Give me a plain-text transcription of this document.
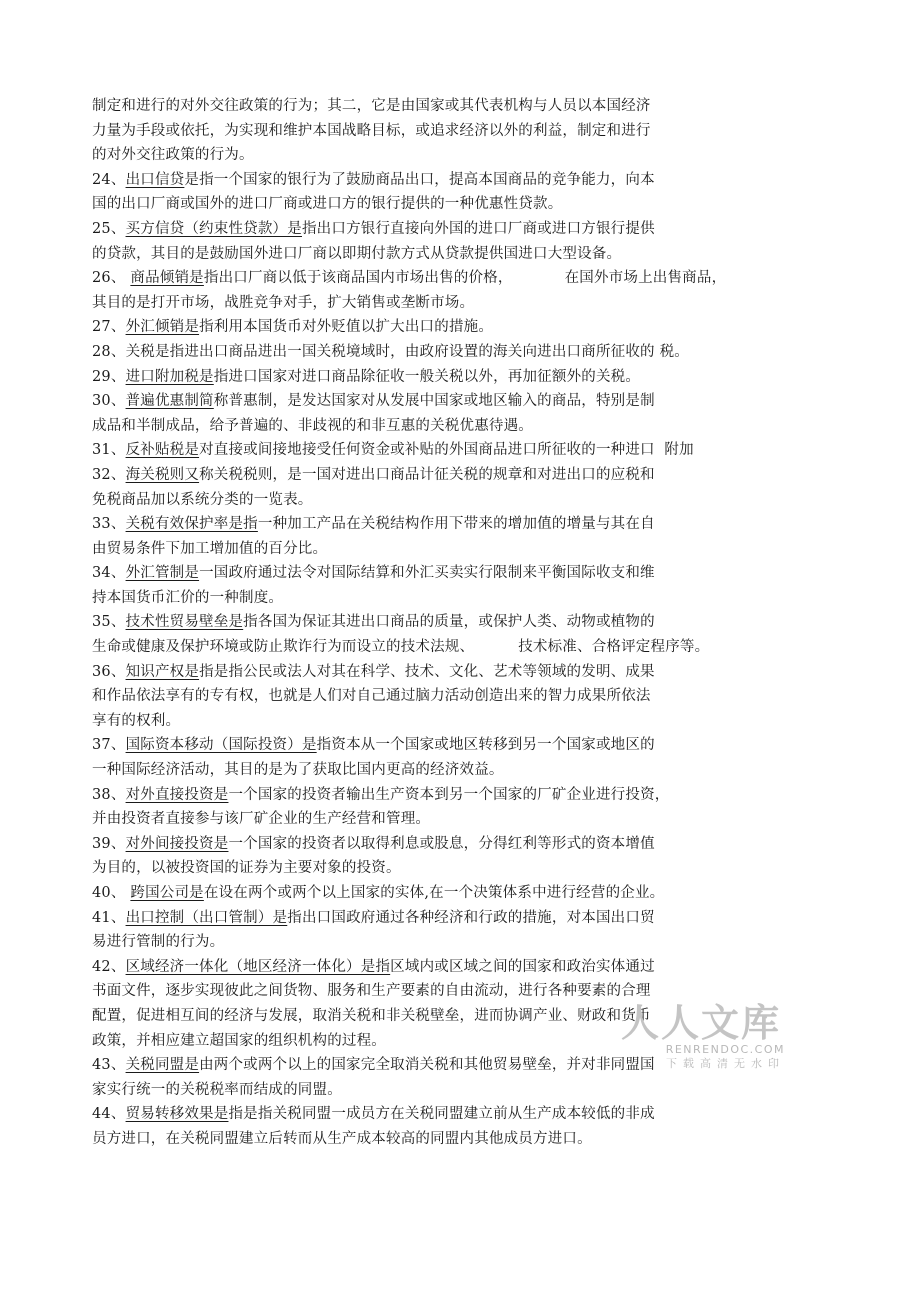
制定和进行的对外交往政策的行为；其二，它是由国家或其代表机构与人员以本国经济
力量为手段或依托，为实现和维护本国战略目标，或追求经济以外的利益，制定和进行
的对外交往政策的行为。
24、出口信贷是指一个国家的银行为了鼓励商品出口，提高本国商品的竞争能力，向本
国的出口厂商或国外的进口厂商或进口方的银行提供的一种优惠性贷款。
25、买方信贷（约束性贷款）是指出口方银行直接向外国的进口厂商或进口方银行提供
的贷款，其目的是鼓励国外进口厂商以即期付款方式从贷款提供国进口大型设备。
26、 商品倾销是指出口厂商以低于该商品国内市场出售的价格，	在国外市场上出售商品，
其目的是打开市场，战胜竞争对手，扩大销售或垄断市场。
27、外汇倾销是指利用本国货币对外贬值以扩大出口的措施。
28、关税是指进出口商品进出一国关税境域时，由政府设置的海关向进出口商所征收的 税。
29、进口附加税是指进口国家对进口商品除征收一般关税以外，再加征额外的关税。
30、普遍优惠制简称普惠制，是发达国家对从发展中国家或地区输入的商品，特别是制
成品和半制成品，给予普遍的、非歧视的和非互惠的关税优惠待遇。
31、反补贴税是对直接或间接地接受任何资金或补贴的外国商品进口所征收的一种进口  附加
32、海关税则又称关税税则，是一国对进出口商品计征关税的规章和对进出口的应税和
免税商品加以系统分类的一览表。
33、关税有效保护率是指一种加工产品在关税结构作用下带来的增加值的增量与其在自
由贸易条件下加工增加值的百分比。
34、外汇管制是一国政府通过法令对国际结算和外汇买卖实行限制来平衡国际收支和维
持本国货币汇价的一种制度。
35、技术性贸易壁垒是指各国为保证其进出口商品的质量，或保护人类、动物或植物的
生命或健康及保护环境或防止欺诈行为而设立的技术法规、	技术标准、合格评定程序等。
36、知识产权是指是指公民或法人对其在科学、技术、文化、艺术等领域的发明、成果
和作品依法享有的专有权，也就是人们对自己通过脑力活动创造出来的智力成果所依法
享有的权利。
37、国际资本移动（国际投资）是指资本从一个国家或地区转移到另一个国家或地区的
一种国际经济活动，其目的是为了获取比国内更高的经济效益。
38、对外直接投资是一个国家的投资者输出生产资本到另一个国家的厂矿企业进行投资，
并由投资者直接参与该厂矿企业的生产经营和管理。
39、对外间接投资是一个国家的投资者以取得利息或股息，分得红利等形式的资本增值
为目的，以被投资国的证券为主要对象的投资。
40、 跨国公司是在设在两个或两个以上国家的实体,在一个决策体系中进行经营的企业。
41、出口控制（出口管制）是指出口国政府通过各种经济和行政的措施，对本国出口贸
易进行管制的行为。
42、区域经济一体化（地区经济一体化）是指区域内或区域之间的国家和政治实体通过
书面文件，逐步实现彼此之间货物、服务和生产要素的自由流动，进行各种要素的合理
配置，促进相互间的经济与发展，取消关税和非关税壁垒，进而协调产业、财政和货币
政策，并相应建立超国家的组织机构的过程。
43、关税同盟是由两个或两个以上的国家完全取消关税和其他贸易壁垒，并对非同盟国
家实行统一的关税税率而结成的同盟。
44、贸易转移效果是指是指关税同盟一成员方在关税同盟建立前从生产成本较低的非成
员方进口，在关税同盟建立后转而从生产成本较高的同盟内其他成员方进口。
人人文库
RENRENDOC.COM
下载高清无水印
